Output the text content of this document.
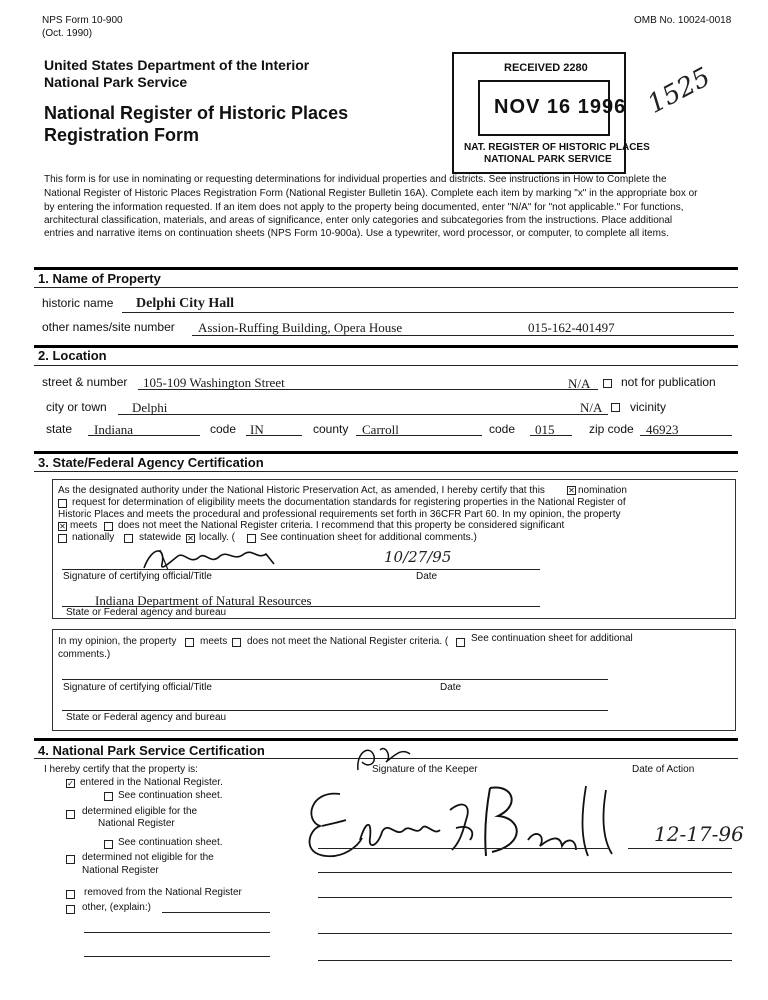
NPS Form 10-900
(Oct. 1990)
OMB No. 10024-0018
United States Department of the Interior
National Park Service
National Register of Historic Places
Registration Form
1525
RECEIVED 2280
NOV 16 1996
NAT. REGISTER OF HISTORIC PLACES
NATIONAL PARK SERVICE
This form is for use in nominating or requesting determinations for individual properties and districts. See instructions in How to Complete the
National Register of Historic Places Registration Form (National Register Bulletin 16A). Complete each item by marking "x" in the appropriate box or
by entering the information requested. If an item does not apply to the property being documented, enter "N/A" for "not applicable." For functions,
architectural classification, materials, and areas of significance, enter only categories and subcategories from the instructions. Place additional
entries and narrative items on continuation sheets (NPS Form 10-900a). Use a typewriter, word processor, or computer, to complete all items.
1. Name of Property
historic name Delphi City Hall
other names/site number Assion-Ruffing Building, Opera House	015-162-401497
2. Location
street & number 105-109 Washington Street	N/A	not for publication
city or town Delphi	N/A vicinity
state Indiana	code IN	county Carroll	code 015	zip code 46923
3. State/Federal Agency Certification
As the designated authority under the National Historic Preservation Act, as amended, I hereby certify that this	✕ nomination
request for determination of eligibility meets the documentation standards for registering properties in the National Register of
Historic Places and meets the procedural and professional requirements set forth in 36CFR Part 60. In my opinion, the property
✕ meets does not meet the National Register criteria. I recommend that this property be considered significant
nationally statewide ✕ locally. (	See continuation sheet for additional comments.)
10/27/95
Signature of certifying official/Title	Date
Indiana Department of Natural Resources
State or Federal agency and bureau
In my opinion, the property meets does not meet the National Register criteria. ( See continuation sheet for additional
comments.)
Signature of certifying official/Title	Date
State or Federal agency and bureau
4. National Park Service Certification
I hereby certify that the property is:	Signature of the Keeper	Date of Action
✓ entered in the National Register.
See continuation sheet.
determined eligible for the
National Register
See continuation sheet.
determined not eligible for the
National Register
removed from the National Register
other, (explain:)
12-17-96
